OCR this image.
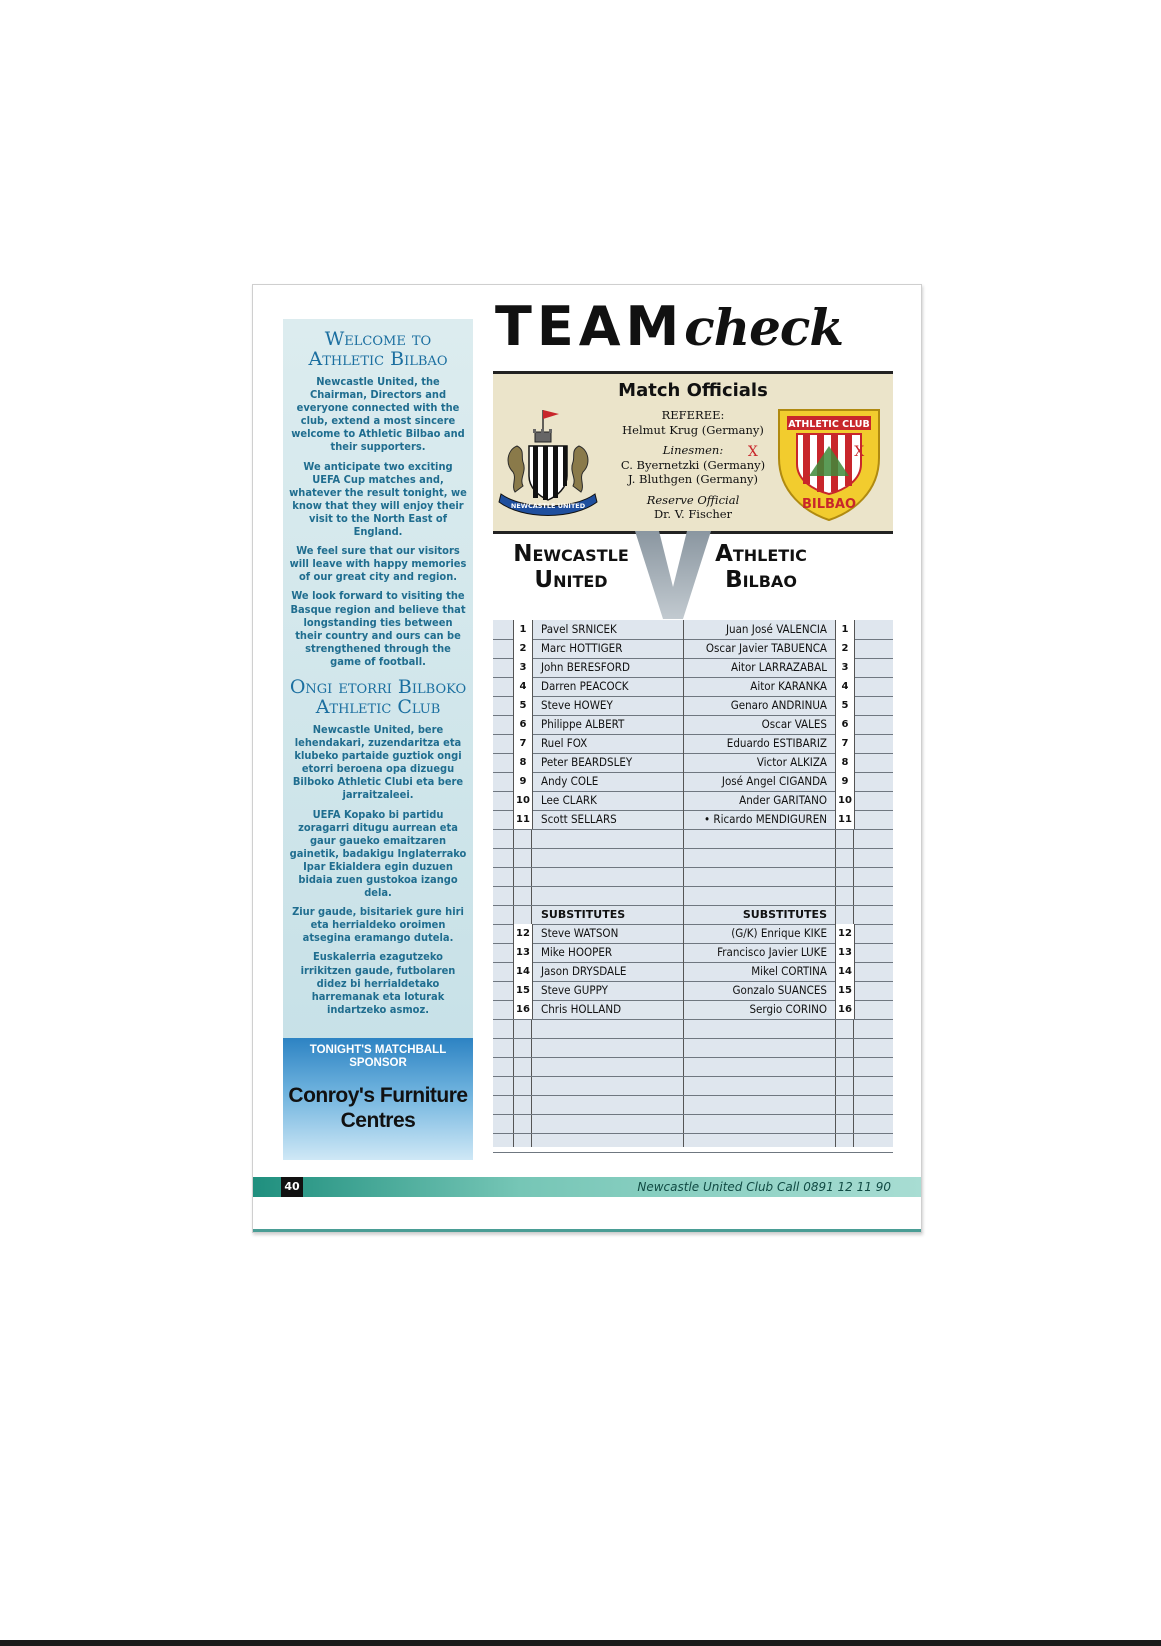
Welcome to Athletic Bilbao
Newcastle United, the Chairman, Directors and everyone connected with the club, extend a most sincere welcome to Athletic Bilbao and their supporters.
We anticipate two exciting UEFA Cup matches and, whatever the result tonight, we know that they will enjoy their visit to the North East of England.
We feel sure that our visitors will leave with happy memories of our great city and region.
We look forward to visiting the Basque region and believe that longstanding ties between their country and ours can be strengthened through the game of football.
Ongi etorri Bilboko Athletic Club
Newcastle United, bere lehendakari, zuzendaritza eta klubeko partaide guztiok ongi etorri beroena opa dizuegu Bilboko Athletic Clubi eta bere jarraitzaleei.
UEFA Kopako bi partidu zoragarri ditugu aurrean eta gaur gaueko emaitzaren gainetik, badakigu Inglaterrako Ipar Ekialdera egin duzuen bidaia zuen gustokoa izango dela.
Ziur gaude, bisitariek gure hiri eta herrialdeko oroimen atsegina eramango dutela.
Euskalerria ezagutzeko irrikitzen gaude, futbolaren didez bi herrialdetako harremanak eta loturak indartzeko asmoz.
TONIGHT'S MATCHBALL SPONSOR
Conroy's Furniture Centres
TEAMcheck
NEWCASTLE UNITED
Match Officials
REFEREE:
Helmut Krug (Germany)
Linesmen:
C. Byernetzki (Germany)
J. Bluthgen (Germany)
Reserve Official
Dr. V. Fischer
ATHLETIC CLUB
X X
BILBAO
Newcastle
United	V
Athletic
Bilbao
1	Pavel SRNICEK	Juan José VALENCIA	1
2	Marc HOTTIGER	Oscar Javier TABUENCA	2
3	John BERESFORD	Aitor LARRAZABAL	3
4	Darren PEACOCK	Aitor KARANKA	4
5	Steve HOWEY	Genaro ANDRINUA	5
6	Philippe ALBERT	Oscar VALES	6
7	Ruel FOX	Eduardo ESTIBARIZ	7
8	Peter BEARDSLEY	Victor ALKIZA	8
9	Andy COLE	José Angel CIGANDA	9
10 Lee CLARK	Ander GARITANO	10
11 Scott SELLARS	• Ricardo MENDIGUREN	11
SUBSTITUTES	SUBSTITUTES
12 Steve WATSON	(G/K) Enrique KIKE	12
13 Mike HOOPER	Francisco Javier LUKE	13
14 Jason DRYSDALE	Mikel CORTINA	14
15 Steve GUPPY	Gonzalo SUANCES	15
16 Chris HOLLAND	Sergio CORINO	16
40	Newcastle United Club Call 0891 12 11 90
